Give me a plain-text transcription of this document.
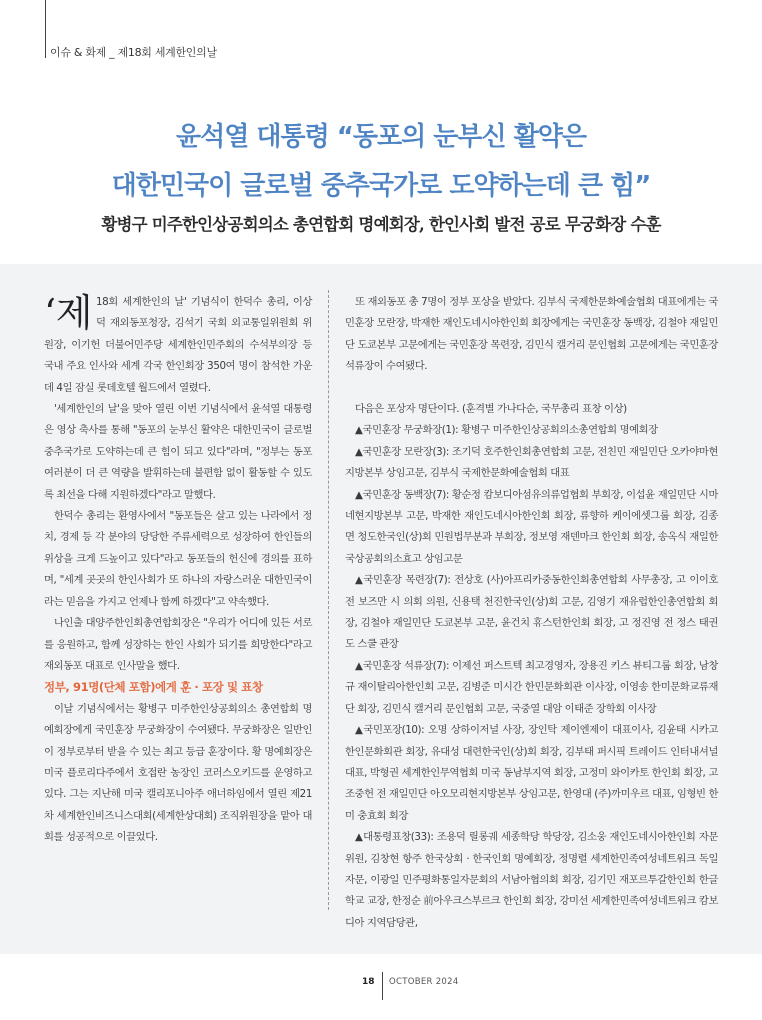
이슈 & 화제 _ 제18회 세계한인의날
윤석열 대통령 “동포의 눈부신 활약은
대한민국이 글로벌 중추국가로 도약하는데 큰 힘”
황병구 미주한인상공회의소 총연합회 명예회장, 한인사회 발전 공로 무궁화장 수훈

‘제 18회 세계한인의 날' 기념식이 한덕수 총리, 이상덕 재외동포청장, 김석기 국회 외교통일위원회 위원장, 이기헌 더불어민주당 세계한인민주회의 수석부의장 등 국내 주요 인사와 세계 각국 한인회장 350여 명이 참석한 가운데 4일 잠실 롯데호텔 월드에서 열렸다.

'세계한인의 날'을 맞아 열린 이번 기념식에서 윤석열 대통령은 영상 축사를 통해 "동포의 눈부신 활약은 대한민국이 글로벌 중추국가로 도약하는데 큰 힘이 되고 있다"라며, "정부는 동포 여러분이 더 큰 역량을 발휘하는데 불편함 없이 활동할 수 있도록 최선을 다해 지원하겠다"라고 말했다.

한덕수 총리는 환영사에서 "동포들은 살고 있는 나라에서 정치, 경제 등 각 분야의 당당한 주류세력으로 성장하여 한인들의 위상을 크게 드높이고 있다"라고 동포들의 헌신에 경의를 표하며, "세계 곳곳의 한인사회가 또 하나의 자랑스러운 대한민국이라는 믿음을 가지고 언제나 함께 하겠다"고 약속했다.

나인출 대양주한인회총연합회장은 "우리가 어디에 있든 서로를 응원하고, 함께 성장하는 한인 사회가 되기를 희망한다"라고 재외동포 대표로 인사말을 했다.

정부, 91명(단체 포함)에게 훈 · 포장 및 표창

이날 기념식에서는 황병구 미주한인상공회의소 총연합회 명예회장에게 국민훈장 무궁화장이 수여됐다. 무궁화장은 일반인이 정부로부터 받을 수 있는 최고 등급 훈장이다. 황 명예회장은 미국 플로리다주에서 호접란 농장인 코러스오키드를 운영하고 있다. 그는 지난해 미국 캘리포니아주 애너하임에서 열린 제21차 세계한인비즈니스대회(세계한상대회) 조직위원장을 맡아 대회를 성공적으로 이끌었다.

또 재외동포 총 7명이 정부 포상을 받았다. 김부식 국제한문화예술협회 대표에게는 국민훈장 모란장, 박재한 재인도네시아한인회 회장에게는 국민훈장 동백장, 김철야 재일민단 도쿄본부 고문에게는 국민훈장 목련장, 김민식 캘거리 문인협회 고문에게는 국민훈장 석류장이 수여됐다.

다음은 포상자 명단이다. (훈격별 가나다순, 국무총리 표창 이상)

▲국민훈장 무궁화장(1): 황병구 미주한인상공회의소총연합회 명예회장

▲국민훈장 모란장(3): 조기덕 호주한인회총연합회 고문, 전친민 재일민단 오카야마현지방본부 상임고문, 김부식 국제한문화예술협회 대표

▲국민훈장 동백장(7): 황순정 캄보디아섬유의류업협회 부회장, 이섭윤 재일민단 시마네현지방본부 고문, 박재한 재인도네시아한인회 회장, 류향하 케이에셋그룹 회장, 김종면 청도한국인(상)회 민원법무분과 부회장, 정보영 재덴마크 한인회 회장, 송옥식 재일한국상공회의소효고 상임고문

▲국민훈장 목련장(7): 전상호 (사)아프리카중동한인회총연합회 사무총장, 고 이이호 전 보즈만 시 의회 의원, 신용택 천진한국인(상)회 고문, 김영기 재유럽한인총연합회 회장, 김철야 재일민단 도쿄본부 고문, 윤건치 휴스턴한인회 회장, 고 정진영 전 정스 태권도 스쿨 관장

▲국민훈장 석류장(7): 이제선 퍼스트텍 최고경영자, 장용진 키스 뷰티그룹 회장, 남창규 재이탈리아한인회 고문, 김병준 미시간 한민문화회관 이사장, 이영송 한미문화교류재단 회장, 김민식 캘거리 문인협회 고문, 국중열 대암 이태준 장학회 이사장

▲국민포장(10): 오명 상하이저널 사장, 장인탁 제이엔제이 대표이사, 김윤태 시카고 한인문화회관 회장, 유대성 대련한국인(상)회 회장, 김부태 퍼시픽 트레이드 인터내셔널 대표, 박형권 세계한인무역협회 미국 동남부지역 회장, 고정미 와이카토 한인회 회장, 고 조중헌 전 재일민단 아오모리현지방본부 상임고문, 한영대 (주)까미우르 대표, 임형빈 한미 충효회 회장

▲대통령표창(33): 조용덕 릴롱궤 세종학당 학당장, 김소웅 재인도네시아한인회 자문위원, 김창현 항주 한국상회 · 한국인회 명예회장, 정명렬 세계한민족여성네트워크 독일 자문, 이광일 민주평화통일자문회의 서남아협의회 회장, 김기민 재포르투갈한인회 한글학교 교장, 한정순 前아우크스부르크 한인회 회장, 강미선 세계한민족여성네트워크 캄보디아 지역담당관,

18 OCTOBER 2024
